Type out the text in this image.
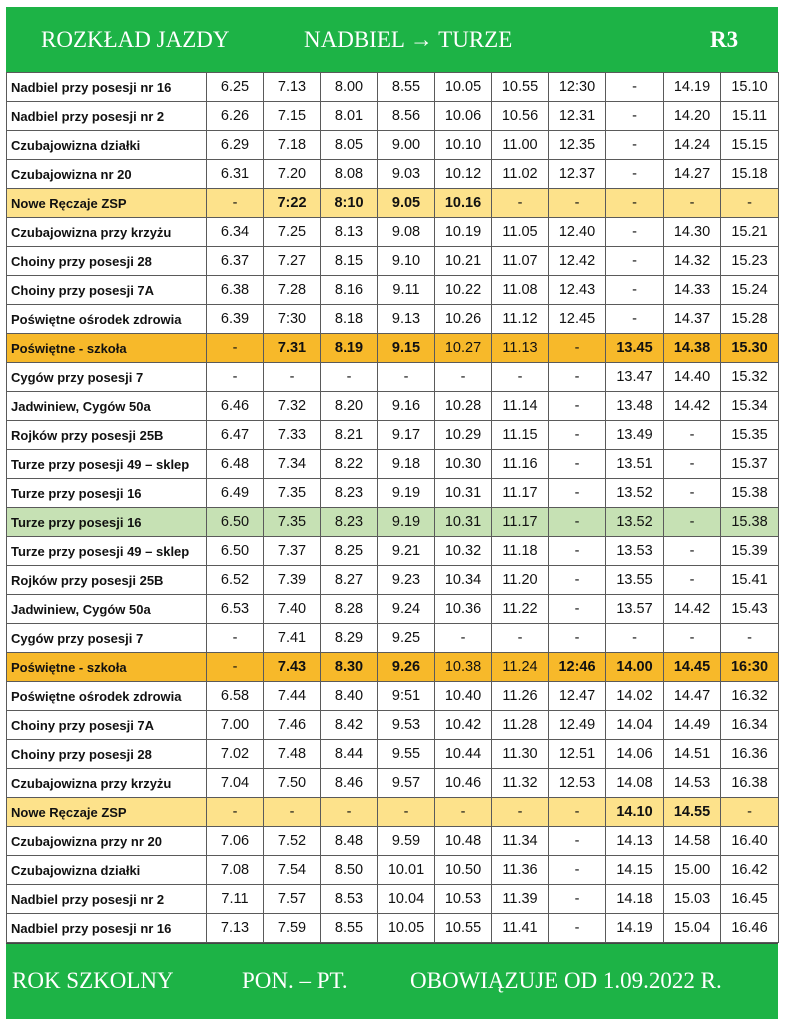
ROZKŁAD JAZDY	NADBIEL → TURZE	R3
Nadbiel przy posesji nr 16	6.25	7.13	8.00	8.55	10.05	10.55	12:30	-	14.19	15.10
Nadbiel przy posesji nr 2	6.26	7.15	8.01	8.56	10.06	10.56	12.31	-	14.20	15.11
Czubajowizna działki	6.29	7.18	8.05	9.00	10.10	11.00	12.35	-	14.24	15.15
Czubajowizna nr 20	6.31	7.20	8.08	9.03	10.12	11.02	12.37	-	14.27	15.18
Nowe Ręczaje ZSP	-	7:22	8:10	9.05	10.16	-	-	-	-	-
Czubajowizna przy krzyżu	6.34	7.25	8.13	9.08	10.19	11.05	12.40	-	14.30	15.21
Choiny przy posesji 28	6.37	7.27	8.15	9.10	10.21	11.07	12.42	-	14.32	15.23
Choiny przy posesji 7A	6.38	7.28	8.16	9.11	10.22	11.08	12.43	-	14.33	15.24
Poświętne ośrodek zdrowia	6.39	7:30	8.18	9.13	10.26	11.12	12.45	-	14.37	15.28
Poświętne - szkoła	-	7.31	8.19	9.15	10.27	11.13	-	13.45	14.38	15.30
Cygów przy posesji 7	-	-	-	-	-	-	-	13.47	14.40	15.32
Jadwiniew, Cygów 50a	6.46	7.32	8.20	9.16	10.28	11.14	-	13.48	14.42	15.34
Rojków przy posesji 25B	6.47	7.33	8.21	9.17	10.29	11.15	-	13.49	-	15.35
Turze przy posesji 49 – sklep	6.48	7.34	8.22	9.18	10.30	11.16	-	13.51	-	15.37
Turze przy posesji 16	6.49	7.35	8.23	9.19	10.31	11.17	-	13.52	-	15.38
Turze przy posesji 16	6.50	7.35	8.23	9.19	10.31	11.17	-	13.52	-	15.38
Turze przy posesji 49 – sklep	6.50	7.37	8.25	9.21	10.32	11.18	-	13.53	-	15.39
Rojków przy posesji 25B	6.52	7.39	8.27	9.23	10.34	11.20	-	13.55	-	15.41
Jadwiniew, Cygów 50a	6.53	7.40	8.28	9.24	10.36	11.22	-	13.57	14.42	15.43
Cygów przy posesji 7	-	7.41	8.29	9.25	-	-	-	-	-	-
Poświętne - szkoła	-	7.43	8.30	9.26	10.38	11.24	12:46	14.00	14.45	16:30
Poświętne ośrodek zdrowia	6.58	7.44	8.40	9:51	10.40	11.26	12.47	14.02	14.47	16.32
Choiny przy posesji 7A	7.00	7.46	8.42	9.53	10.42	11.28	12.49	14.04	14.49	16.34
Choiny przy posesji 28	7.02	7.48	8.44	9.55	10.44	11.30	12.51	14.06	14.51	16.36
Czubajowizna przy krzyżu	7.04	7.50	8.46	9.57	10.46	11.32	12.53	14.08	14.53	16.38
Nowe Ręczaje ZSP	-	-	-	-	-	-	-	14.10	14.55	-
Czubajowizna przy nr 20	7.06	7.52	8.48	9.59	10.48	11.34	-	14.13	14.58	16.40
Czubajowizna działki	7.08	7.54	8.50	10.01	10.50	11.36	-	14.15	15.00	16.42
Nadbiel przy posesji nr 2	7.11	7.57	8.53	10.04	10.53	11.39	-	14.18	15.03	16.45
Nadbiel przy posesji nr 16	7.13	7.59	8.55	10.05	10.55	11.41	-	14.19	15.04	16.46
ROK SZKOLNY	PON. – PT.	OBOWIĄZUJE OD 1.09.2022 R.
